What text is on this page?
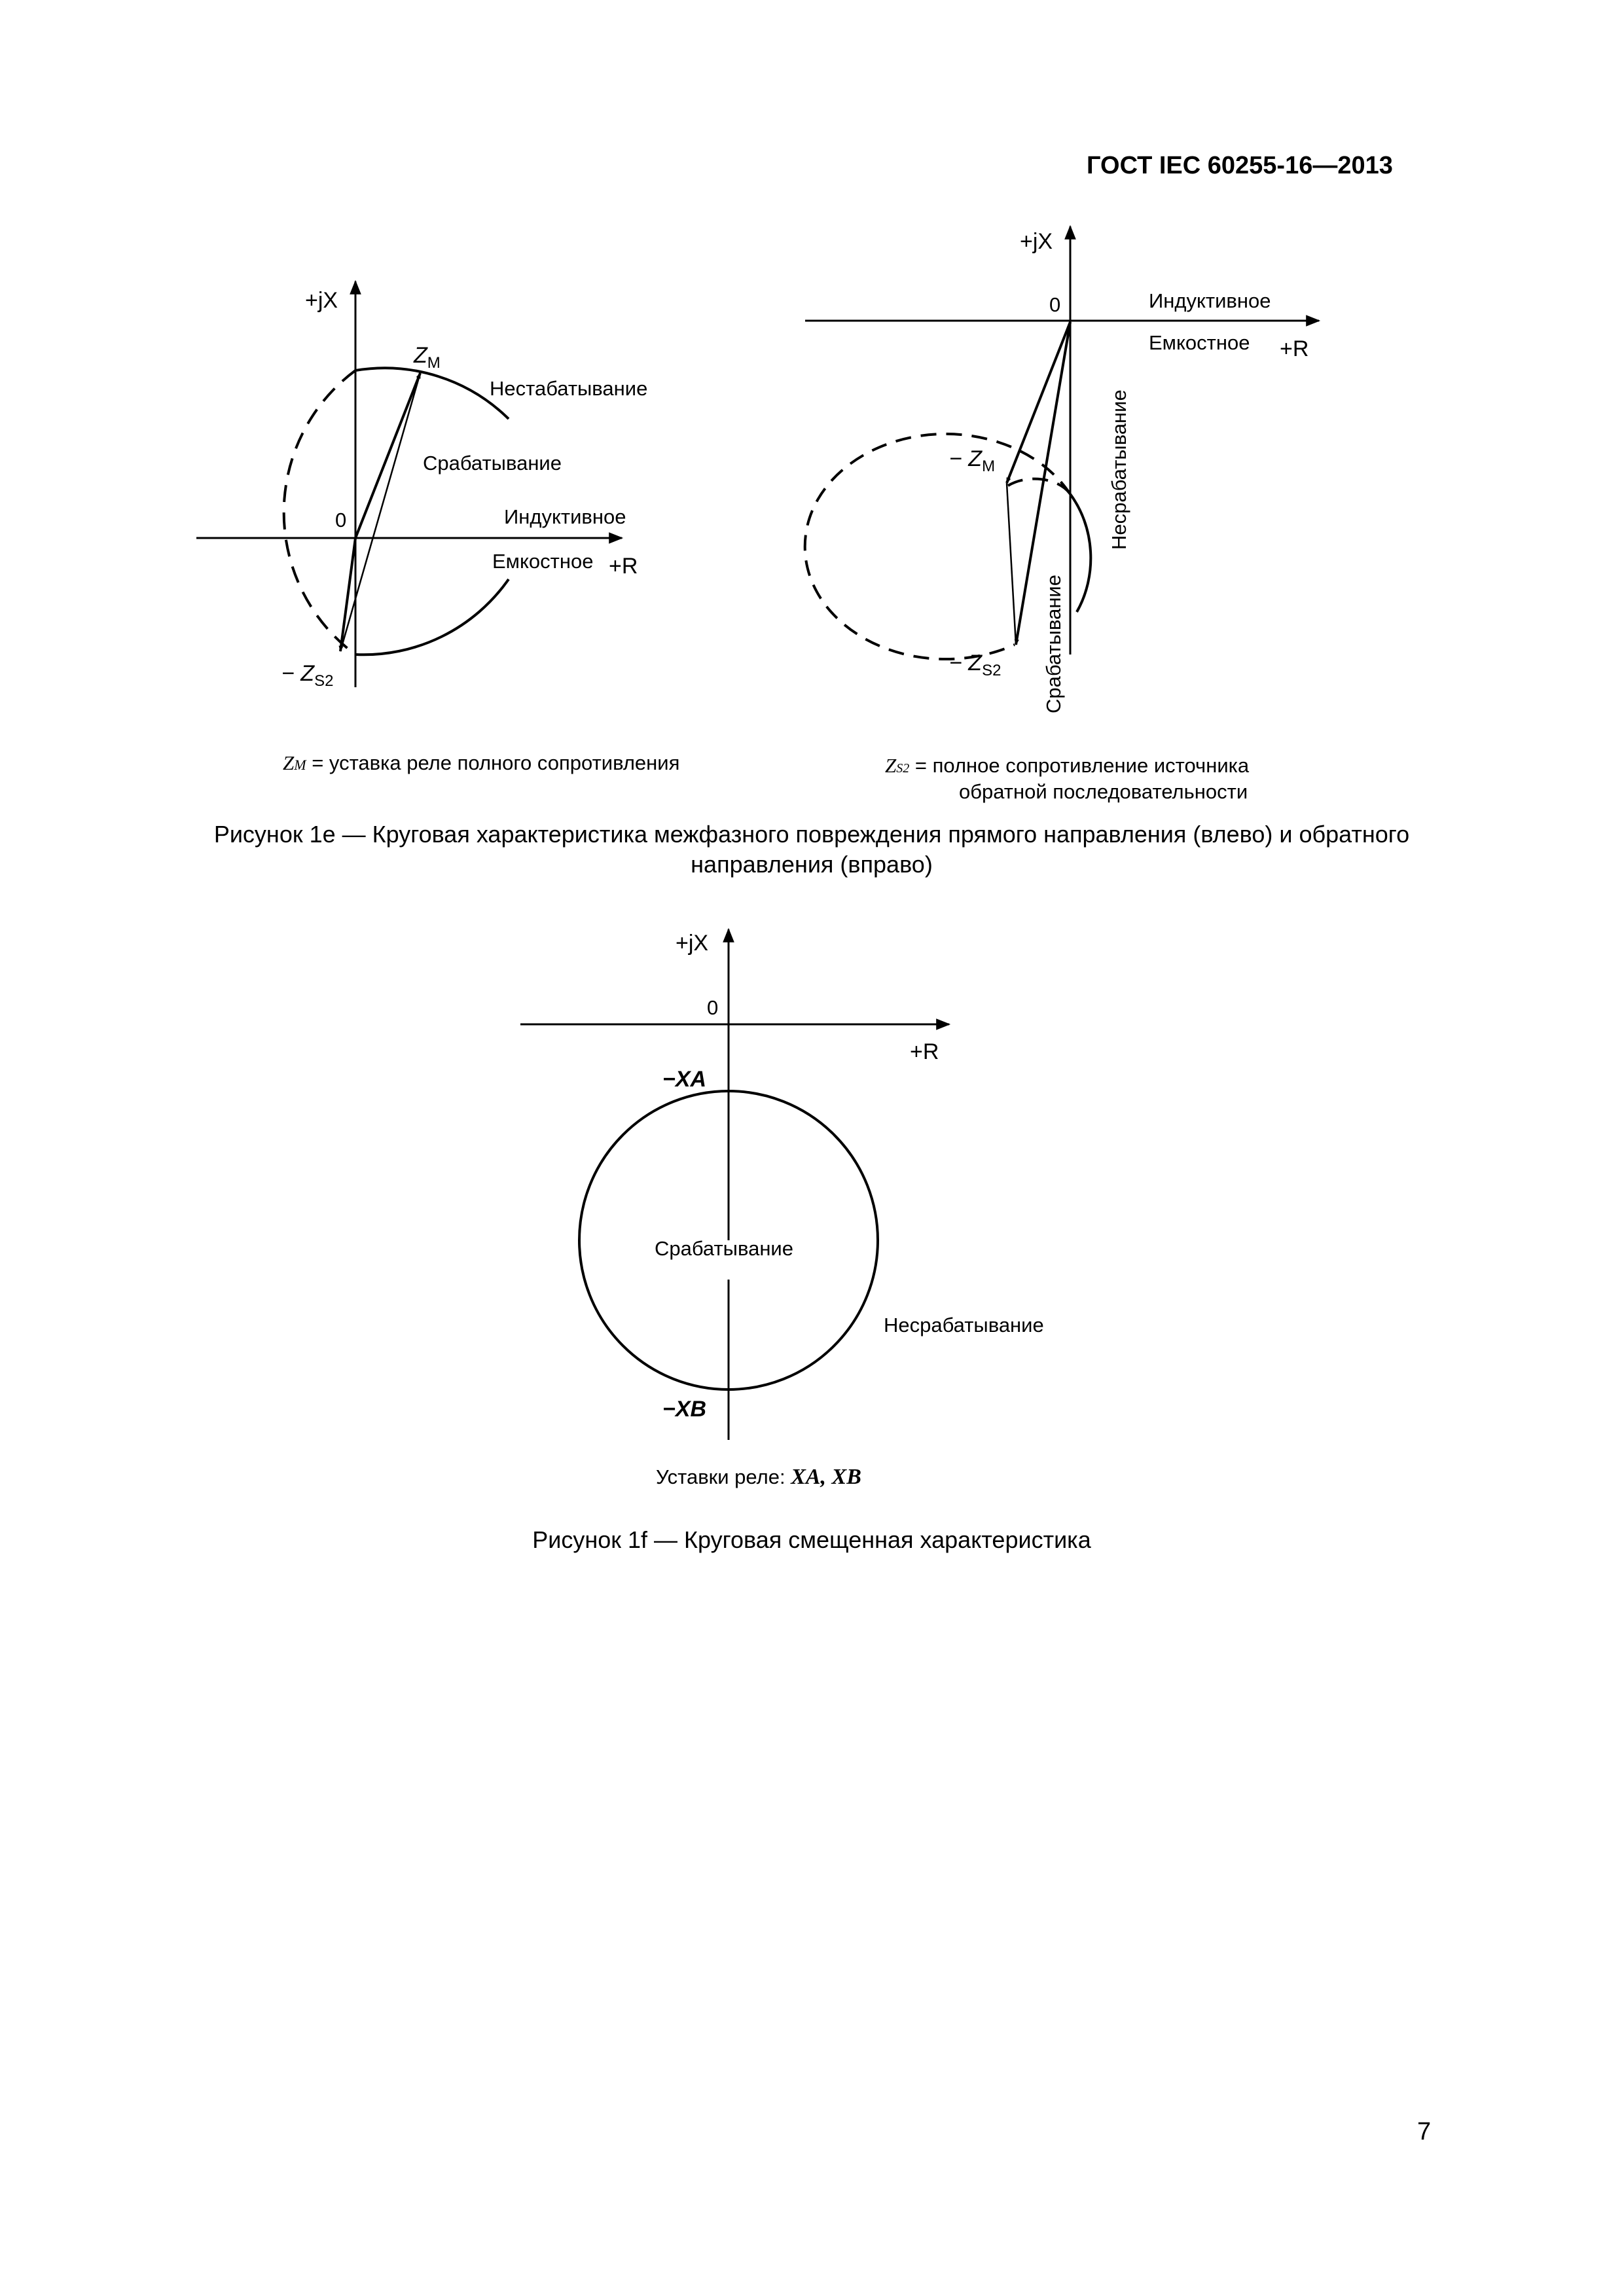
ГОСТ IEC 60255-16—2013
+jX
+R
0
$Z_M$
− $Z_{S2}$
Нестабатывание
Срабатывание
Индуктивное
Емкостное
+jX
+R
0	Индуктивное
Емкостное
− $Z_M$
− $Z_{S2}$
Несрабатывание
Срабатывание
+jX
+R
0
−XA
−XB
Срабатывание
Несрабатывание
ZM = уставка реле полного сопротивления	ZS2 = полное сопротивление источника
обратной последовательности
Рисунок 1е — Круговая характеристика межфазного повреждения прямого направления (влево) и обратного
направления (вправо)
Уставки реле: XA, XB
Рисунок 1f — Круговая смещенная характеристика
7
